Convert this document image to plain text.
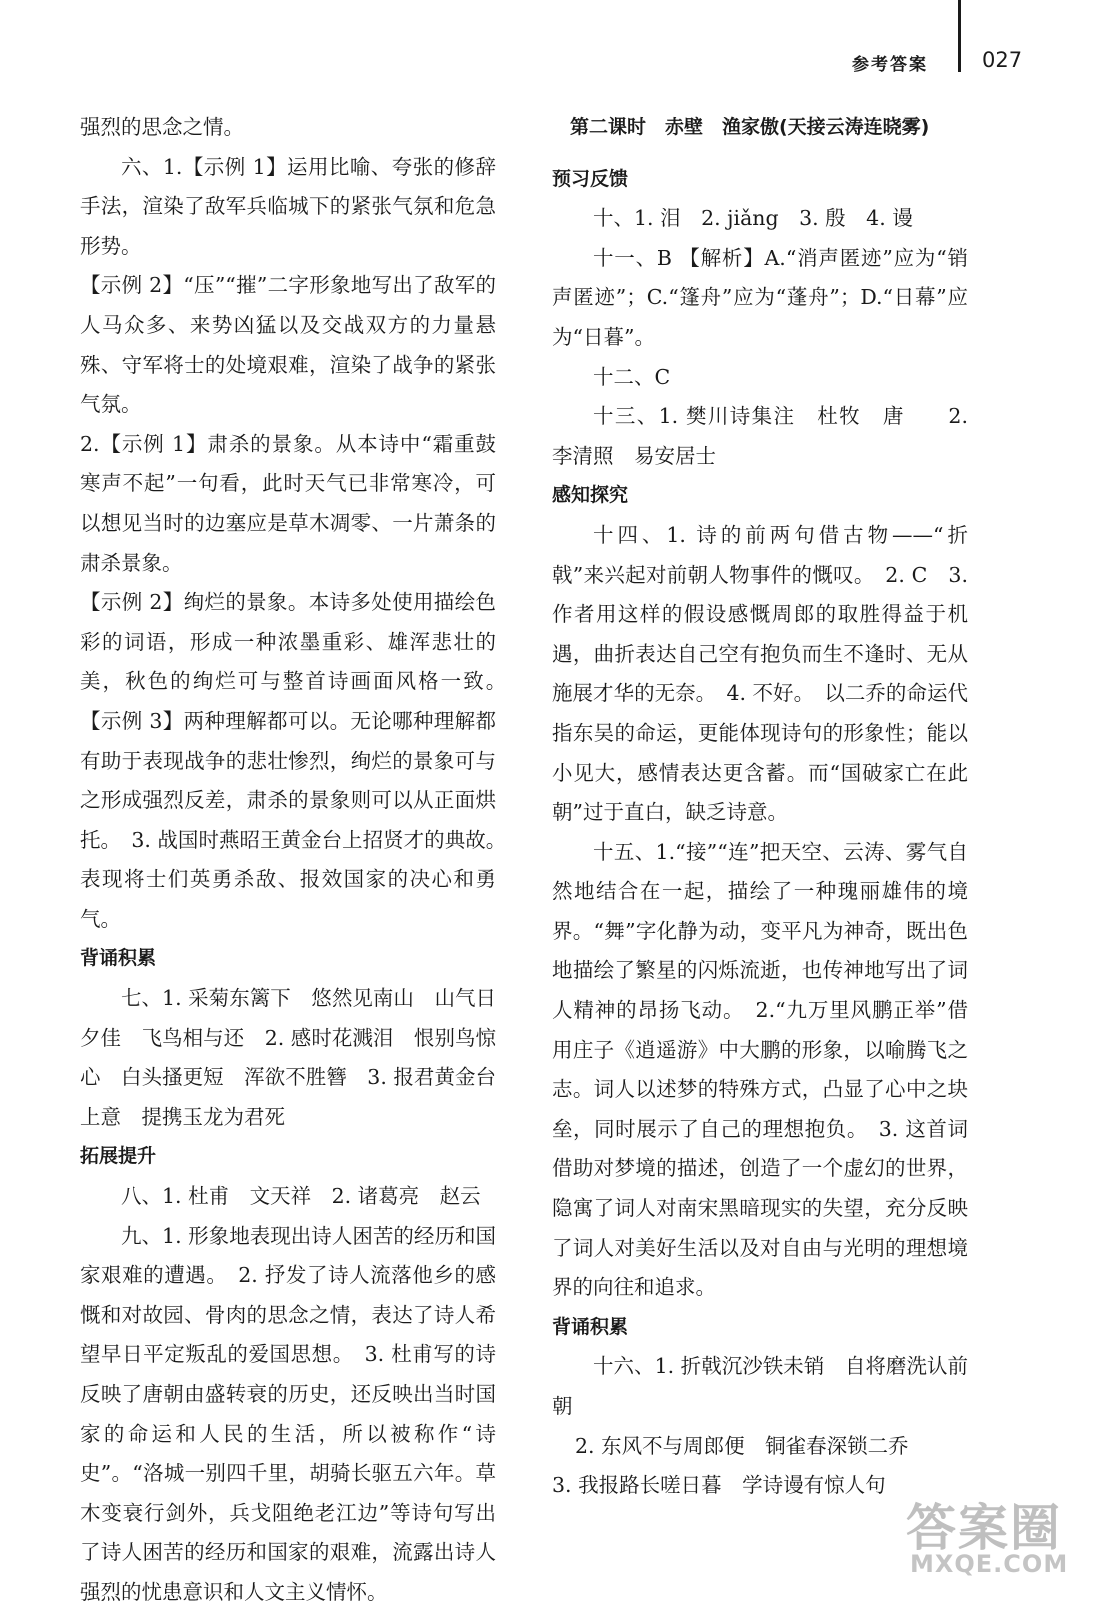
参考答案	027

强烈的思念之情。

六、1.【示例 1】运用比喻、夸张的修辞手法，渲染了敌军兵临城下的紧张气氛和危急形势。

【示例 2】“压”“摧”二字形象地写出了敌军的人马众多、来势凶猛以及交战双方的力量悬殊、守军将士的处境艰难，渲染了战争的紧张气氛。

2.【示例 1】肃杀的景象。从本诗中“霜重鼓寒声不起”一句看，此时天气已非常寒冷，可以想见当时的边塞应是草木凋零、一片萧条的肃杀景象。

【示例 2】绚烂的景象。本诗多处使用描绘色彩的词语，形成一种浓墨重彩、雄浑悲壮的美，秋色的绚烂可与整首诗画面风格一致。　【示例 3】两种理解都可以。无论哪种理解都有助于表现战争的悲壮惨烈，绚烂的景象可与之形成强烈反差，肃杀的景象则可以从正面烘托。　3. 战国时燕昭王黄金台上招贤才的典故。　表现将士们英勇杀敌、报效国家的决心和勇气。

背诵积累

七、1. 采菊东篱下　悠然见南山　山气日夕佳　飞鸟相与还　2. 感时花溅泪　恨别鸟惊心　白头搔更短　浑欲不胜簪　3. 报君黄金台上意　提携玉龙为君死

拓展提升

八、1. 杜甫　文天祥　2. 诸葛亮　赵云

九、1. 形象地表现出诗人困苦的经历和国家艰难的遭遇。　2. 抒发了诗人流落他乡的感慨和对故园、骨肉的思念之情，表达了诗人希望早日平定叛乱的爱国思想。　3. 杜甫写的诗反映了唐朝由盛转衰的历史，还反映出当时国家的命运和人民的生活，所以被称作“诗史”。“洛城一别四千里，胡骑长驱五六年。草木变衰行剑外，兵戈阻绝老江边”等诗句写出了诗人困苦的经历和国家的艰难，流露出诗人强烈的忧患意识和人文主义情怀。

第二课时　赤壁　渔家傲(天接云涛连晓雾)

预习反馈

十、1. 泪　2. jiǎng　3. 殷　4. 谩

十一、B 【解析】A.“消声匿迹”应为“销声匿迹”；C.“篷舟”应为“蓬舟”；D.“日幕”应为“日暮”。

十二、C

十三、1. 樊川诗集注　杜牧　唐　　2. 李清照　易安居士

感知探究

十四、1. 诗的前两句借古物——“折戟”来兴起对前朝人物事件的慨叹。　2. C　3. 作者用这样的假设感慨周郎的取胜得益于机遇，曲折表达自己空有抱负而生不逢时、无从施展才华的无奈。　4. 不好。　以二乔的命运代指东吴的命运，更能体现诗句的形象性；能以小见大，感情表达更含蓄。而“国破家亡在此朝”过于直白，缺乏诗意。

十五、1.“接”“连”把天空、云涛、雾气自然地结合在一起，描绘了一种瑰丽雄伟的境界。“舞”字化静为动，变平凡为神奇，既出色地描绘了繁星的闪烁流逝，也传神地写出了词人精神的昂扬飞动。　2.“九万里风鹏正举”借用庄子《逍遥游》中大鹏的形象，以喻腾飞之志。词人以述梦的特殊方式，凸显了心中之块垒，同时展示了自己的理想抱负。　3. 这首词借助对梦境的描述，创造了一个虚幻的世界，隐寓了词人对南宋黑暗现实的失望，充分反映了词人对美好生活以及对自由与光明的理想境界的向往和追求。

背诵积累

十六、1. 折戟沉沙铁未销　自将磨洗认前朝

2. 东风不与周郎便　铜雀春深锁二乔

3. 我报路长嗟日暮　学诗谩有惊人句

答案圈
MXQE.COM
